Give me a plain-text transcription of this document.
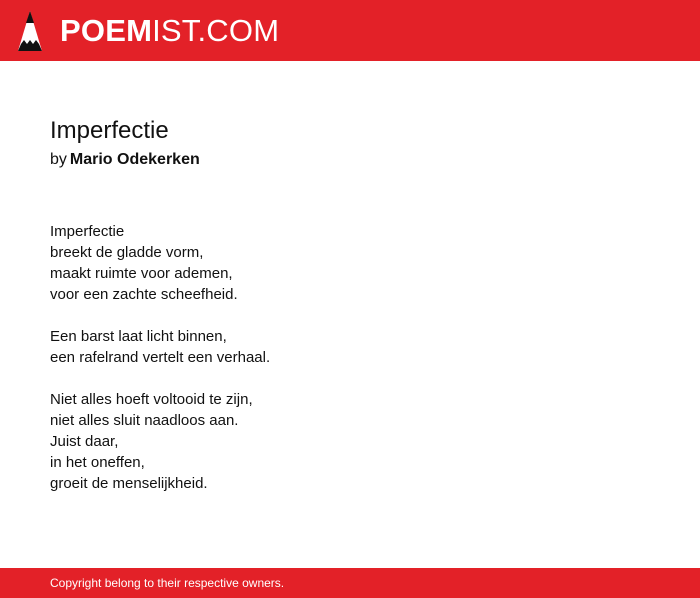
POEMIST.COM
Imperfectie
by Mario Odekerken

Imperfectie
breekt de gladde vorm,
maakt ruimte voor ademen,
voor een zachte scheefheid.

Een barst laat licht binnen,
een rafelrand vertelt een verhaal.

Niet alles hoeft voltooid te zijn,
niet alles sluit naadloos aan.
Juist daar,
in het oneffen,
groeit de menselijkheid.

Copyright belong to their respective owners.
